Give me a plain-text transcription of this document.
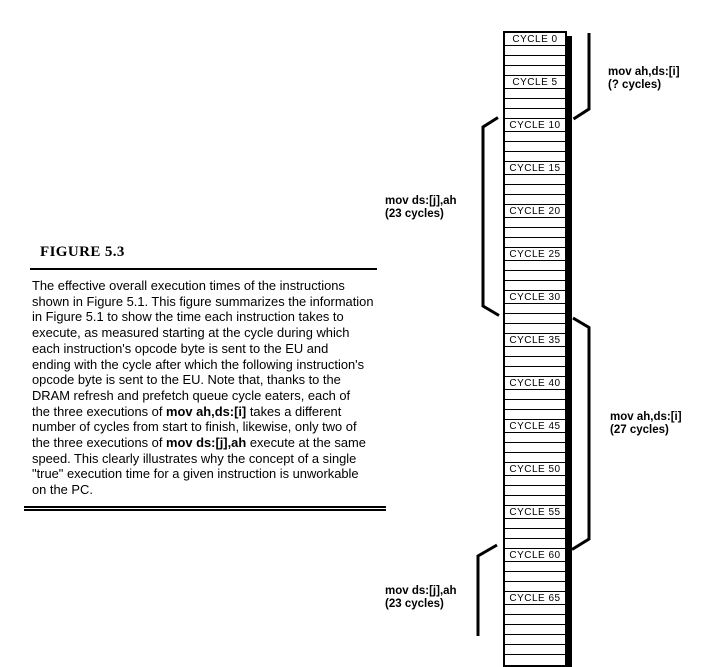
FIGURE 5.3
The effective overall execution times of the instructions
shown in Figure 5.1. This figure summarizes the information
in Figure 5.1 to show the time each instruction takes to
execute, as measured starting at the cycle during which
each instruction's opcode byte is sent to the EU and
ending with the cycle after which the following instruction's
opcode byte is sent to the EU. Note that, thanks to the
DRAM refresh and prefetch queue cycle eaters, each of
the three executions of mov ah,ds:[i] takes a different
number of cycles from start to finish, likewise, only two of
the three executions of mov ds:[j],ah execute at the same
speed. This clearly illustrates why the concept of a single
"true" execution time for a given instruction is unworkable
on the PC.
CYCLE 0
CYCLE 5
CYCLE 10
CYCLE 15
CYCLE 20
CYCLE 25
CYCLE 30
CYCLE 35
CYCLE 40
CYCLE 45
CYCLE 50
CYCLE 55
CYCLE 60
CYCLE 65
mov ah,ds:[i]
(? cycles)
mov ds:[j],ah
(23 cycles)
mov ah,ds:[i]
(27 cycles)
mov ds:[j],ah
(23 cycles)
